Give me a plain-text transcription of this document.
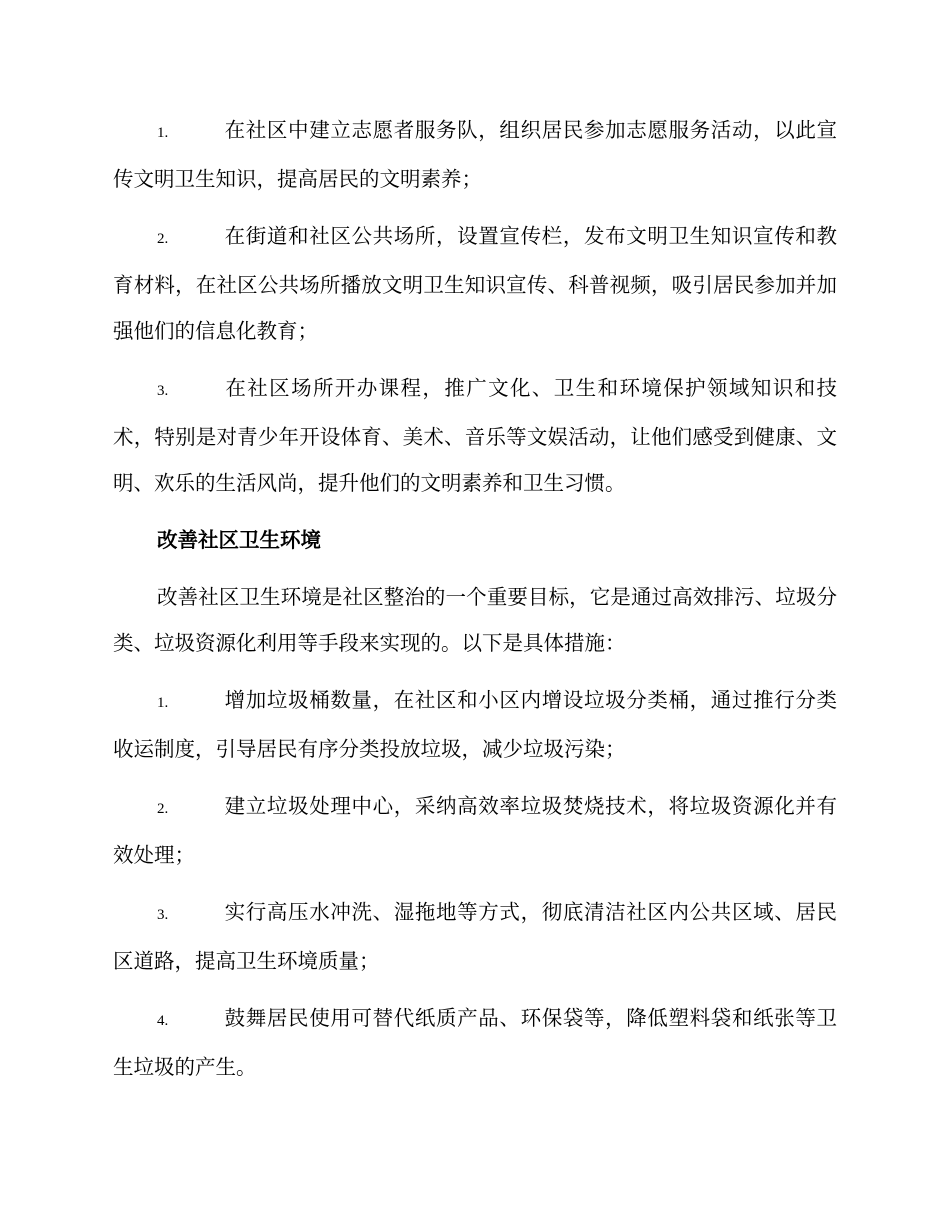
1.	在社区中建立志愿者服务队，组织居民参加志愿服务活动，以此宣传文明卫生知识，提高居民的文明素养；

2.	在街道和社区公共场所，设置宣传栏，发布文明卫生知识宣传和教育材料，在社区公共场所播放文明卫生知识宣传、科普视频，吸引居民参加并加强他们的信息化教育；

3.	在社区场所开办课程，推广文化、卫生和环境保护领域知识和技术，特别是对青少年开设体育、美术、音乐等文娱活动，让他们感受到健康、文明、欢乐的生活风尚，提升他们的文明素养和卫生习惯。

改善社区卫生环境

改善社区卫生环境是社区整治的一个重要目标，它是通过高效排污、垃圾分类、垃圾资源化利用等手段来实现的。以下是具体措施：

1.	增加垃圾桶数量，在社区和小区内增设垃圾分类桶，通过推行分类收运制度，引导居民有序分类投放垃圾，减少垃圾污染；

2.	建立垃圾处理中心，采纳高效率垃圾焚烧技术，将垃圾资源化并有效处理；

3.	实行高压水冲洗、湿拖地等方式，彻底清洁社区内公共区域、居民区道路，提高卫生环境质量；

4.	鼓舞居民使用可替代纸质产品、环保袋等，降低塑料袋和纸张等卫生垃圾的产生。
